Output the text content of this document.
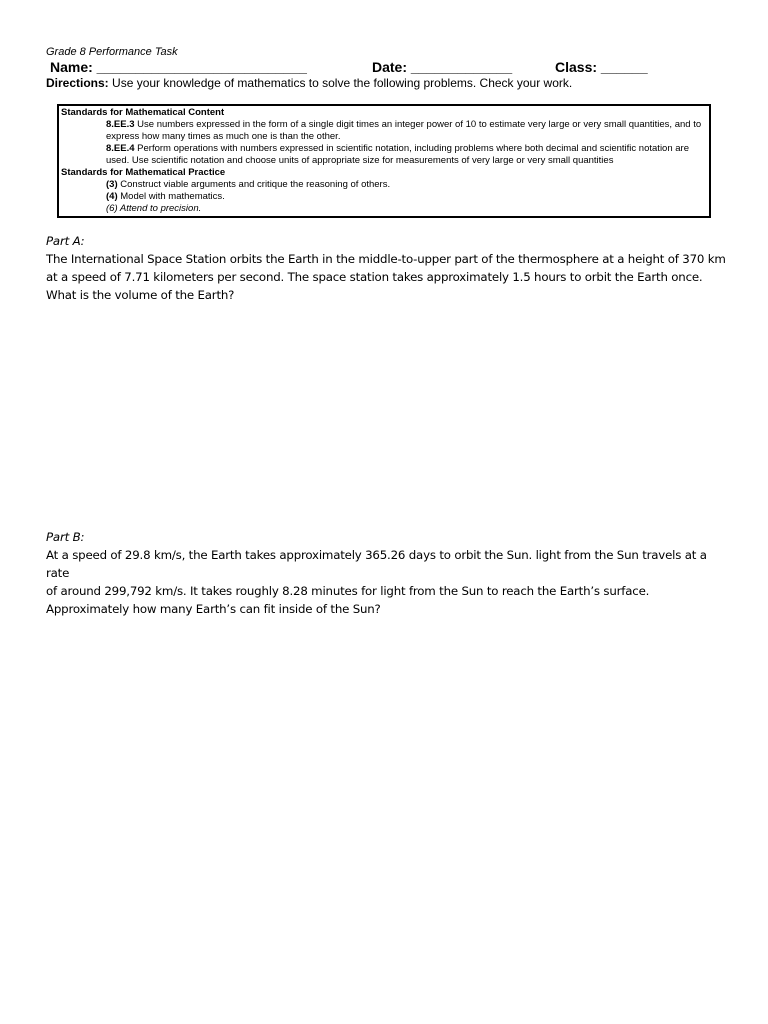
Grade 8 Performance Task

Name: ___________________________

	Date: _____________

	Class: ______

Directions: Use your knowledge of mathematics to solve the following problems. Check your work.
Standards for Mathematical Content
8.EE.3 Use numbers expressed in the form of a single digit times an integer power of 10 to estimate very large or very small quantities, and to express how many times as much one is than the other.
8.EE.4 Perform operations with numbers expressed in scientific notation, including problems where both decimal and scientific notation are used. Use scientific notation and choose units of appropriate size for measurements of very large or very small quantities
Standards for Mathematical Practice
(3) Construct viable arguments and critique the reasoning of others.
(4) Model with mathematics.
(6) Attend to precision.
Part A:
The International Space Station orbits the Earth in the middle-to-upper part of the thermosphere at a height of 370 km
at a speed of 7.71 kilometers per second. The space station takes approximately 1.5 hours to orbit the Earth once.
What is the volume of the Earth?
Part B:
At a speed of 29.8 km/s, the Earth takes approximately 365.26 days to orbit the Sun. light from the Sun travels at a rate
of around 299,792 km/s. It takes roughly 8.28 minutes for light from the Sun to reach the Earth’s surface.
Approximately how many Earth’s can fit inside of the Sun?
